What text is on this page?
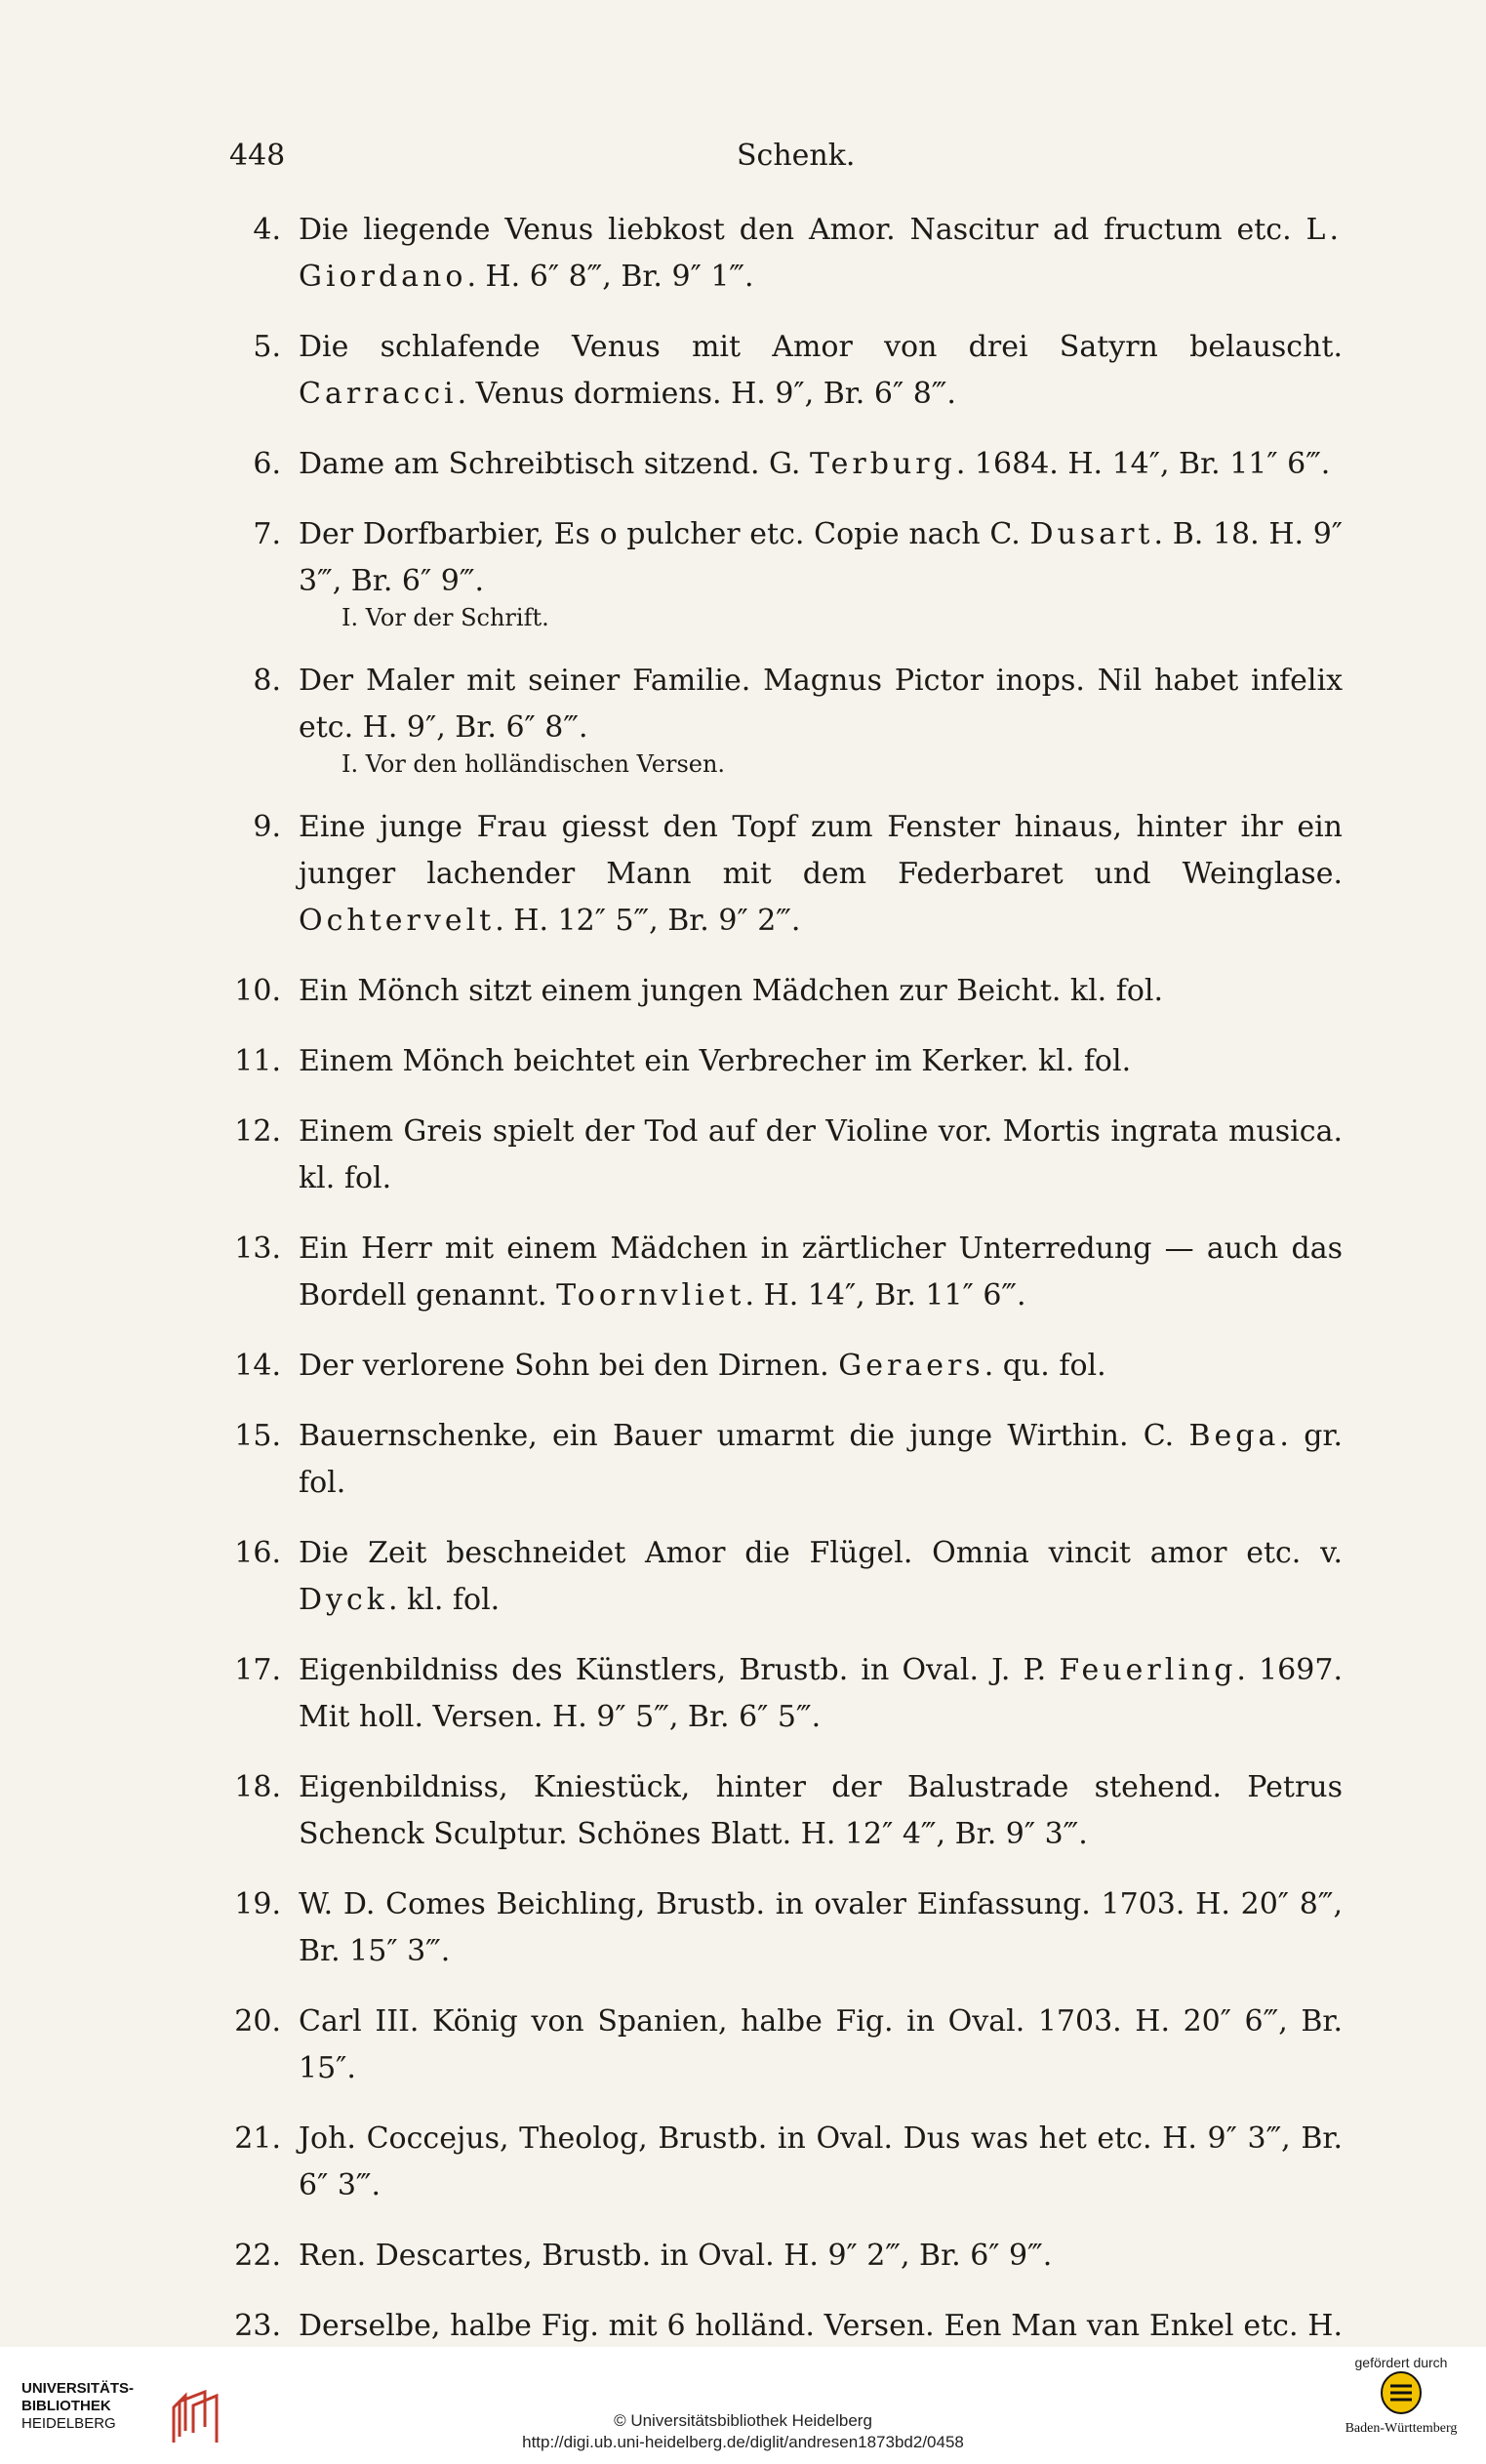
448	Schenk.
4. Die liegende Venus liebkost den Amor. Nascitur ad fructum etc. L. Giordano. H. 6″ 8‴, Br. 9″ 1‴.
5. Die schlafende Venus mit Amor von drei Satyrn belauscht. Carracci. Venus dormiens. H. 9″, Br. 6″ 8‴.
6. Dame am Schreibtisch sitzend. G. Terburg. 1684. H. 14″, Br. 11″ 6‴.
7. Der Dorfbarbier, Es o pulcher etc. Copie nach C. Dusart. B. 18. H. 9″ 3‴, Br. 6″ 9‴.
I. Vor der Schrift.
8. Der Maler mit seiner Familie. Magnus Pictor inops. Nil habet infelix etc. H. 9″, Br. 6″ 8‴.
I. Vor den holländischen Versen.
9. Eine junge Frau giesst den Topf zum Fenster hinaus, hinter ihr ein junger lachender Mann mit dem Federbaret und Weinglase. Ochtervelt. H. 12″ 5‴, Br. 9″ 2‴.
10. Ein Mönch sitzt einem jungen Mädchen zur Beicht. kl. fol.
11. Einem Mönch beichtet ein Verbrecher im Kerker. kl. fol.
12. Einem Greis spielt der Tod auf der Violine vor. Mortis ingrata musica. kl. fol.
13. Ein Herr mit einem Mädchen in zärtlicher Unterredung — auch das Bordell genannt. Toornvliet. H. 14″, Br. 11″ 6‴.
14. Der verlorene Sohn bei den Dirnen. Geraers. qu. fol.
15. Bauernschenke, ein Bauer umarmt die junge Wirthin. C. Bega. gr. fol.
16. Die Zeit beschneidet Amor die Flügel. Omnia vincit amor etc. v. Dyck. kl. fol.
17. Eigenbildniss des Künstlers, Brustb. in Oval. J. P. Feuerling. 1697. Mit holl. Versen. H. 9″ 5‴, Br. 6″ 5‴.
18. Eigenbildniss, Kniestück, hinter der Balustrade stehend. Petrus Schenck Sculptur. Schönes Blatt. H. 12″ 4‴, Br. 9″ 3‴.
19. W. D. Comes Beichling, Brustb. in ovaler Einfassung. 1703. H. 20″ 8‴, Br. 15″ 3‴.
20. Carl III. König von Spanien, halbe Fig. in Oval. 1703. H. 20″ 6‴, Br. 15″.
21. Joh. Coccejus, Theolog, Brustb. in Oval. Dus was het etc. H. 9″ 3‴, Br. 6″ 3‴.
22. Ren. Descartes, Brustb. in Oval. H. 9″ 2‴, Br. 6″ 9‴.
23. Derselbe, halbe Fig. mit 6 holländ. Versen. Een Man van Enkel etc. H.
UNIVERSITÄTS-
BIBLIOTHEK
HEIDELBERG	© Universitätsbibliothek Heidelberg
http://digi.ub.uni-heidelberg.de/diglit/andresen1873bd2/0458
gefördert durch
Baden-Württemberg
